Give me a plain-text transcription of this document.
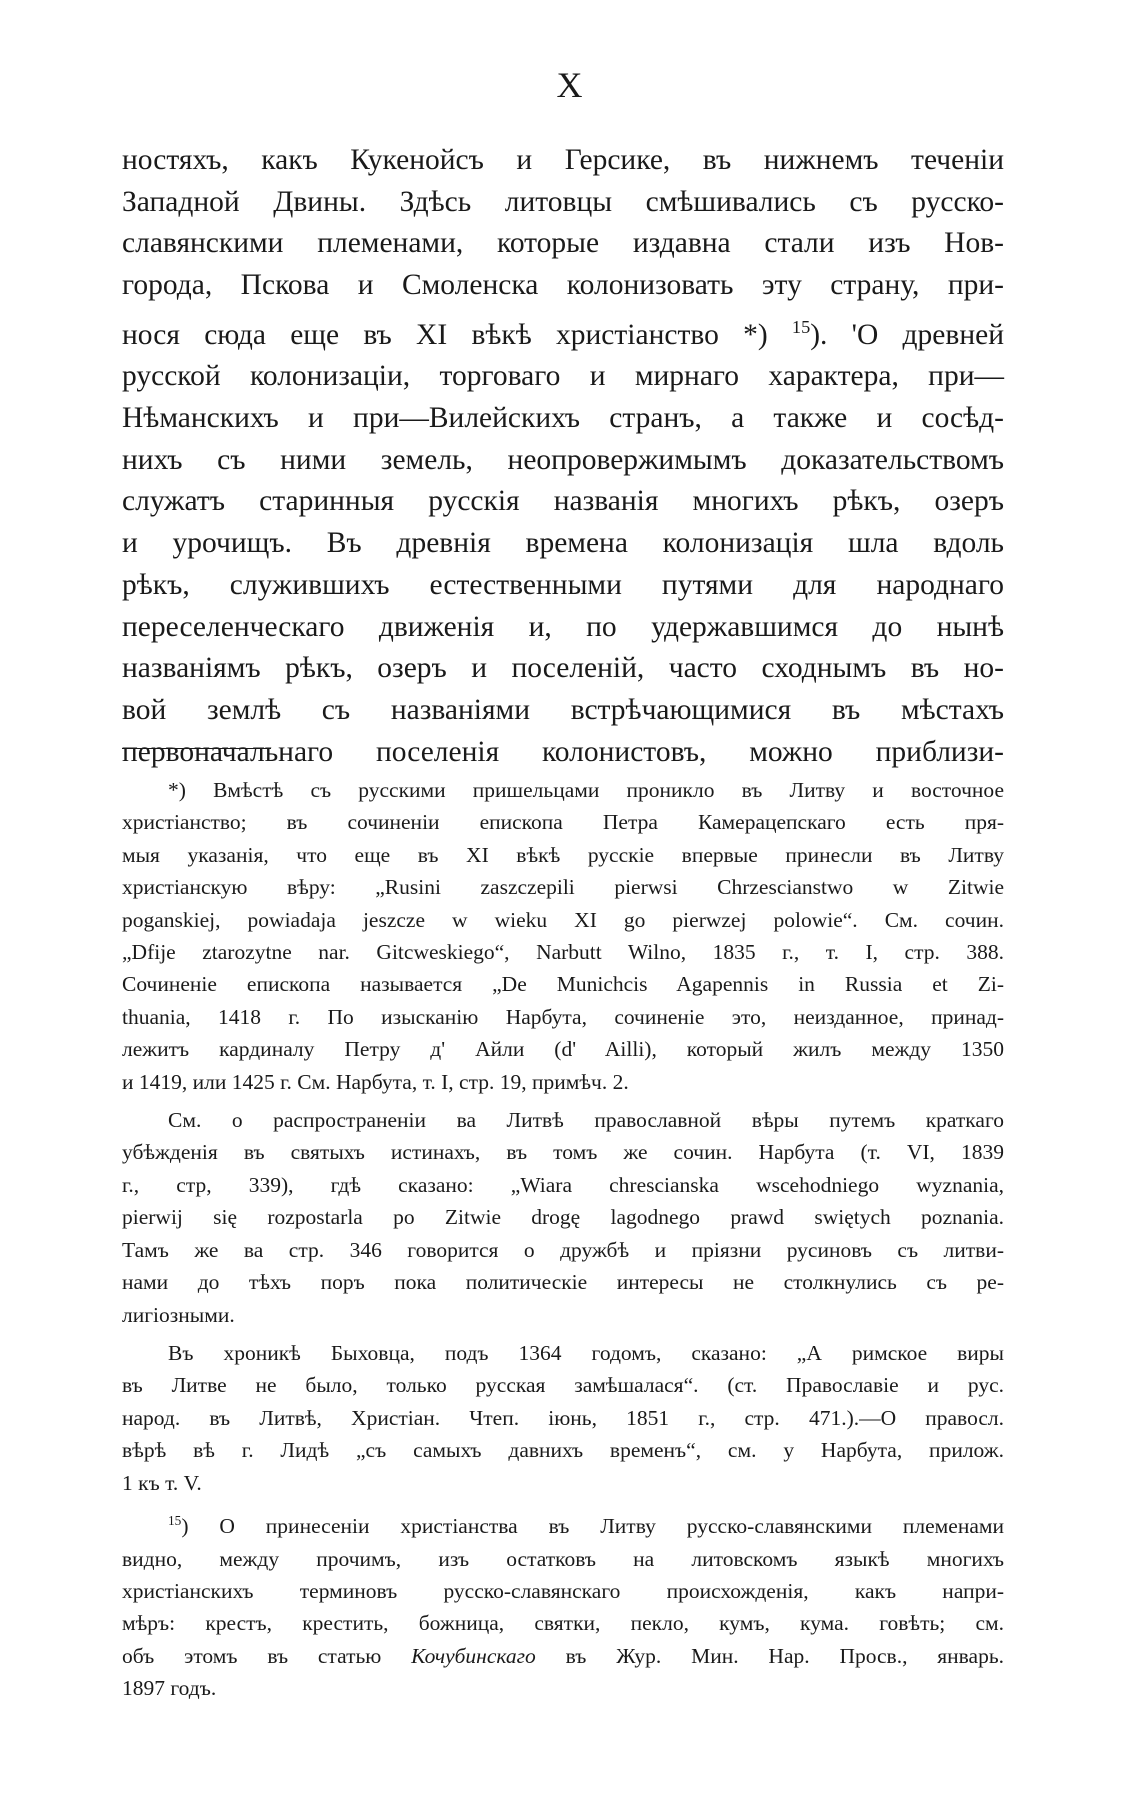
X
ностяхъ, какъ Кукенойсъ и Герсике, въ нижнемъ теченіи
Западной Двины. Здѣсь литовцы смѣшивались съ русско-
славянскими племенами, которые издавна стали изъ Нов-
города, Пскова и Смоленска колонизовать эту страну, при-
нося сюда еще въ XI вѣкѣ христіанство *) $^{15}$). 'О древней
русской колонизаціи, торговаго и мирнаго характера, при—
Нѣманскихъ и при—Вилейскихъ странъ, а также и сосѣд-
нихъ съ ними земель, неопровержимымъ доказательствомъ
служатъ старинныя русскія названія многихъ рѣкъ, озеръ
и урочищъ. Въ древнія времена колонизація шла вдоль
рѣкъ, служившихъ естественными путями для народнаго
переселенческаго движенія и, по удержавшимся до нынѣ
названіямъ рѣкъ, озеръ и поселеній, часто сходнымъ въ но-
вой землѣ съ названіями встрѣчающимися въ мѣстахъ
первоначальнаго поселенія колонистовъ, можно приблизи-
*) Вмѣстѣ съ русскими пришельцами проникло въ Литву и восточное
христіанство; въ сочиненіи епископа Петра Камерацепскаго есть пря-
мыя указанія, что еще въ XI вѣкѣ русскіе впервые принесли въ Литву
христіанскую вѣру: „Rusini zaszczepili pierwsi Chrzescianstwo w Zitwie
poganskiej, powiadaja jeszcze w wieku XI go pierwzej polowie“. См. сочин.
„Dfije ztarozytne nar. Gitcweskiego“, Narbutt Wilno, 1835 г., т. I, стр. 388.
Сочиненіе епископа называется „De Munichcis Agapennis in Russia et Zi-
thuania, 1418 г. По изысканію Нарбута, сочиненіе это, неизданное, принад-
лежитъ кардиналу Петру д' Айли (d' Ailli), который жилъ между 1350
и 1419, или 1425 г. См. Нарбута, т. I, стр. 19, примѣч. 2.
См. о распространеніи ва Литвѣ православной вѣры путемъ краткаго
убѣжденія въ святыхъ истинахъ, въ томъ же сочин. Нарбута (т. VI, 1839
г., стр, 339), гдѣ сказано: „Wiara chrescianska wscehodniego wyznania,
pierwij się rozpostarla po Zitwie drogę lagodnego prawd swiętych poznania.
Тамъ же ва стр. 346 говорится о дружбѣ и пріязни русиновъ съ литви-
нами до тѣхъ поръ пока политическіе интересы не столкнулись съ ре-
лигіозными.
Въ хроникѣ Быховца, подъ 1364 годомъ, сказано: „А римское виры
въ Литве не было, только русская замѣшалася“. (ст. Православіе и рус.
народ. въ Литвѣ, Христіан. Чтеп. іюнь, 1851 г., стр. 471.).—О правосл.
вѣрѣ вѣ г. Лидѣ „съ самыхъ давнихъ временъ“, см. у Нарбута, прилож.
1 къ т. V.
$^{15}$) О принесеніи христіанства въ Литву русско-славянскими племенами
видно, между прочимъ, изъ остатковъ на литовскомъ языкѣ многихъ
христіанскихъ терминовъ русско-славянскаго происхожденія, какъ напри-
мѣръ: крестъ, крестить, божница, святки, пекло, кумъ, кума. говѣть; см.
объ этомъ въ статью Кочубинскаго въ Жур. Мин. Нар. Просв., январь.
1897 годъ.
